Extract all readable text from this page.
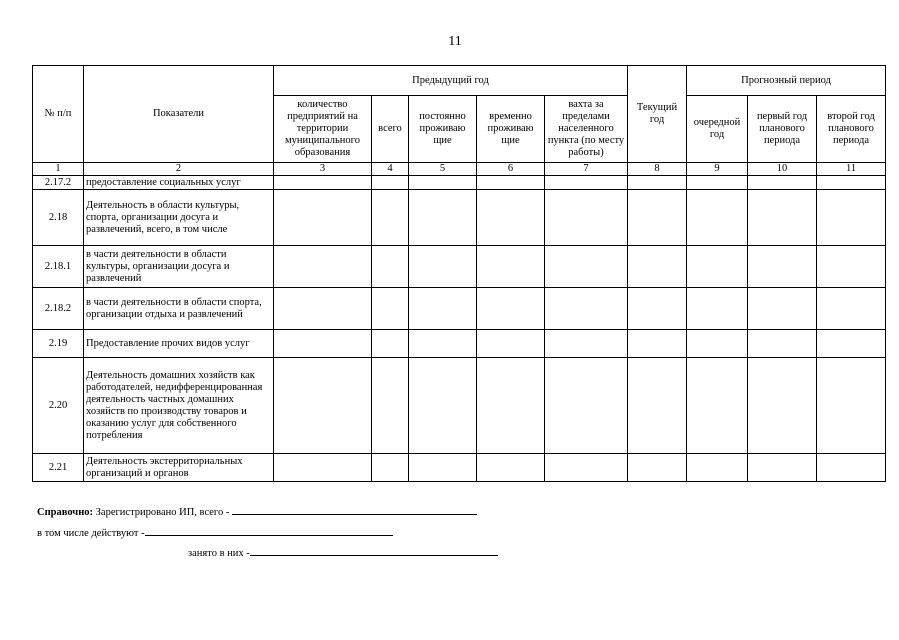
11
№ п/п	Показатели	Предыдущий год					Текущий год	Прогнозный период		
		количество предприятий на территории муниципального образования	всего	постоянно проживаю щие	временно проживаю щие	вахта за пределами населенного пункта (по месту работы)		очередной год	первый год планового периода	второй год планового периода
1	2	3	4	5	6	7	8	9	10	11
2.17.2	предоставление социальных услуг									
2.18	Деятельность в области культуры, спорта, организации досуга и развлечений, всего, в том числе									
2.18.1	в части деятельности в области культуры, организации досуга и развлечений									
2.18.2	в части деятельности в области спорта, организации отдыха и развлечений									
2.19	Предоставление прочих видов услуг									
2.20	Деятельность домашних хозяйств как работодателей, недифференцированная деятельность частных домашних хозяйств по производству товаров и оказанию услуг для собственного потребления									
2.21	Деятельность экстерриториальных организаций и органов									
Справочно: Зарегистрировано ИП, всего -
в том числе действуют -
занято в них -
